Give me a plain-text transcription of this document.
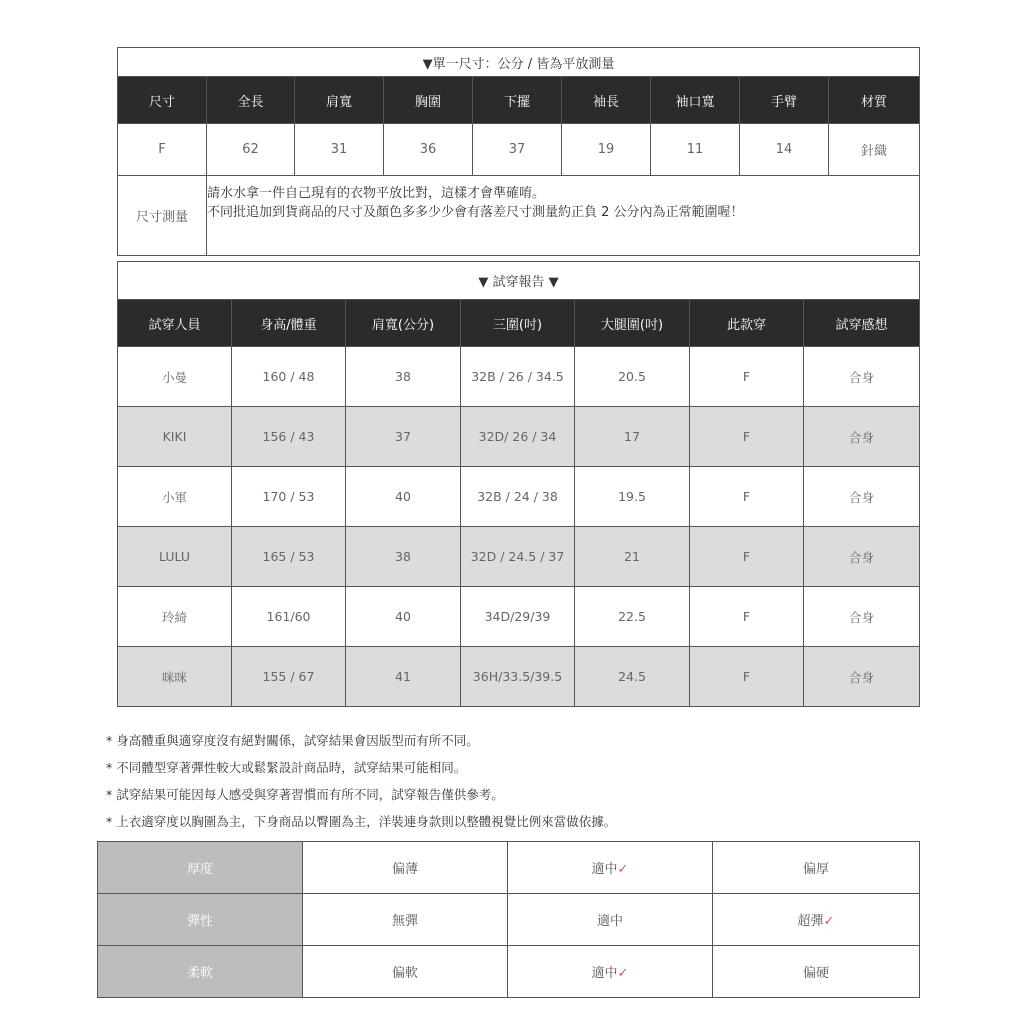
▼單一尺寸：公分 / 皆為平放測量								
尺寸	全長	肩寬	胸圍	下擺	袖長	袖口寬	手臂	材質
F	62	31	36	37	19	11	14	針織
尺寸測量	請水水拿一件自己現有的衣物平放比對，這樣才會準確唷。
不同批追加到貨商品的尺寸及顏色多多少少會有落差尺寸測量約正負 2 公分內為正常範圍喔！							
▼ 試穿報告 ▼						
試穿人員	身高/體重	肩寬(公分)	三圍(吋)	大腿圍(吋)	此款穿	試穿感想
小曼	160 / 48	38	32B / 26 / 34.5	20.5	F	合身
KIKI	156 / 43	37	32D/ 26 / 34	17	F	合身
小軍	170 / 53	40	32B / 24 / 38	19.5	F	合身
LULU	165 / 53	38	32D / 24.5 / 37	21	F	合身
玲綺	161/60	40	34D/29/39	22.5	F	合身
咪咪	155 / 67	41	36H/33.5/39.5	24.5	F	合身
* 身高體重與適穿度沒有絕對關係，試穿結果會因版型而有所不同。
* 不同體型穿著彈性較大或鬆緊設計商品時，試穿結果可能相同。
* 試穿結果可能因每人感受與穿著習慣而有所不同，試穿報告僅供參考。
* 上衣適穿度以胸圍為主，下身商品以臀圍為主，洋裝連身款則以整體視覺比例來當做依據。
厚度	偏薄	適中✓	偏厚
彈性	無彈	適中	超彈✓
柔軟	偏軟	適中✓	偏硬
